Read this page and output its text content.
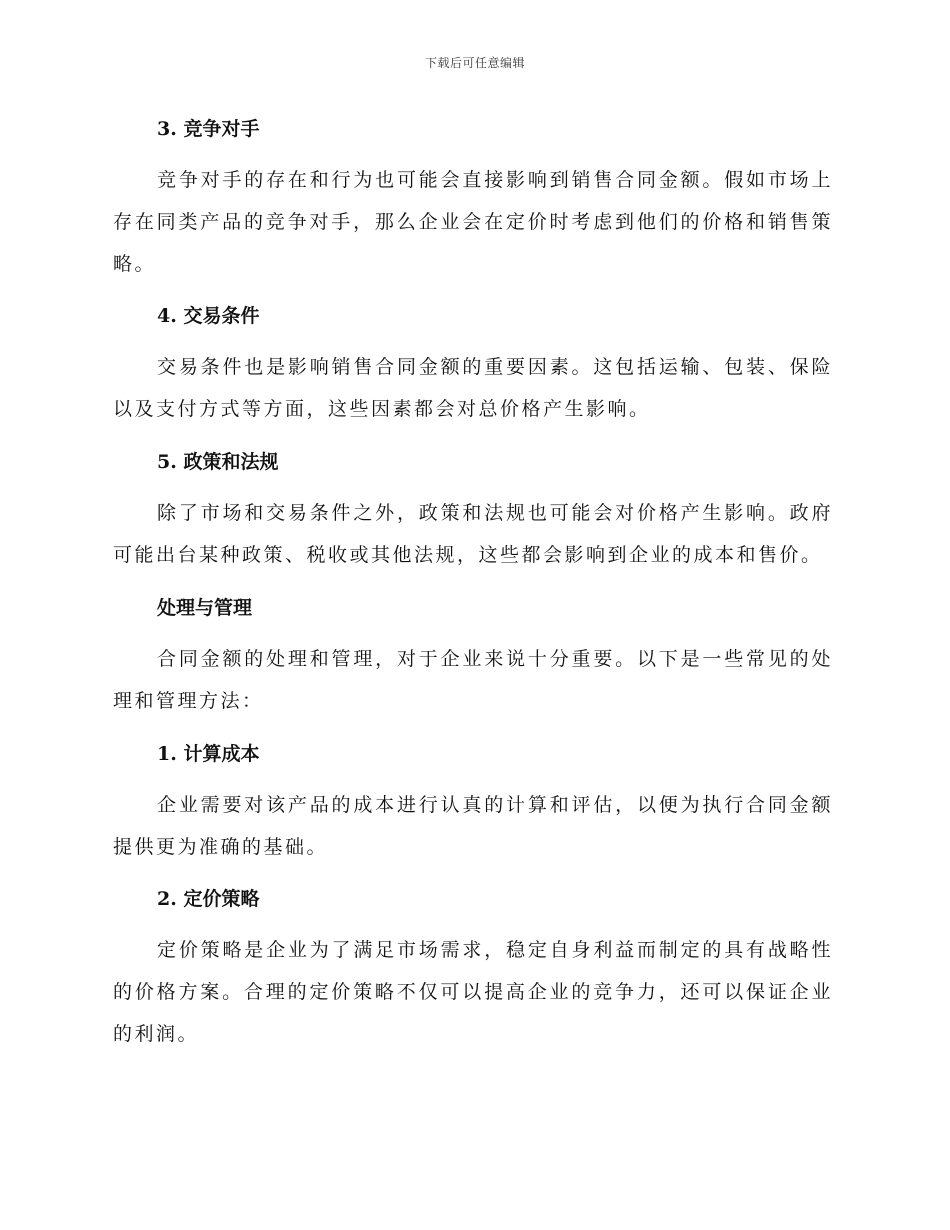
下载后可任意编辑
3. 竞争对手

竞争对手的存在和行为也可能会直接影响到销售合同金额。假如市场上存在同类产品的竞争对手，那么企业会在定价时考虑到他们的价格和销售策略。

4. 交易条件

交易条件也是影响销售合同金额的重要因素。这包括运输、包装、保险以及支付方式等方面，这些因素都会对总价格产生影响。

5. 政策和法规

除了市场和交易条件之外，政策和法规也可能会对价格产生影响。政府可能出台某种政策、税收或其他法规，这些都会影响到企业的成本和售价。

处理与管理

合同金额的处理和管理，对于企业来说十分重要。以下是一些常见的处理和管理方法：

1. 计算成本

企业需要对该产品的成本进行认真的计算和评估，以便为执行合同金额提供更为准确的基础。

2. 定价策略

定价策略是企业为了满足市场需求，稳定自身利益而制定的具有战略性的价格方案。合理的定价策略不仅可以提高企业的竞争力，还可以保证企业的利润。
